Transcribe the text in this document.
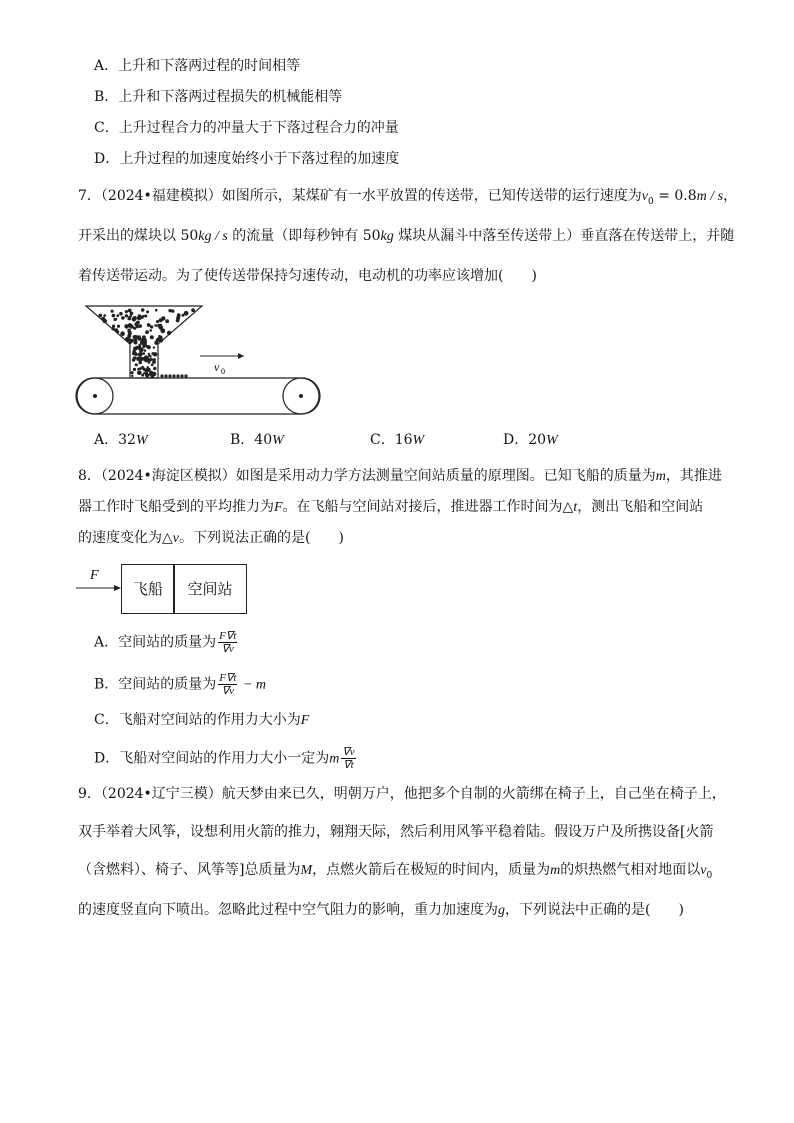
A．上升和下落两过程的时间相等
B．上升和下落两过程损失的机械能相等
C．上升过程合力的冲量大于下落过程合力的冲量
D．上升过程的加速度始终小于下落过程的加速度
7．（2024•福建模拟）如图所示，某煤矿有一水平放置的传送带，已知传送带的运行速度为$v_0 = 0.8m / s$，
开采出的煤块以 50kg / s 的流量（即每秒钟有 50kg 煤块从漏斗中落至传送带上）垂直落在传送带上，并随
着传送带运动。为了使传送带保持匀速传动，电动机的功率应该增加(　　)
v 0
A．32W	B．40W	C．16W	D．20W
8．（2024•海淀区模拟）如图是采用动力学方法测量空间站质量的原理图。已知飞船的质量为m，其推进
器工作时飞船受到的平均推力为F。在飞船与空间站对接后，推进器工作时间为△t，测出飞船和空间站
的速度变化为△v。下列说法正确的是(　　)
F
飞船	空间站
A．空间站的质量为 $\frac{F\nabla t}{\nabla v}$
B．空间站的质量为 $\frac{F\nabla t}{\nabla v} - m$
C．飞船对空间站的作用力大小为F
D．飞船对空间站的作用力大小一定为m $\frac{\nabla v}{\nabla t}$
9．（2024•辽宁三模）航天梦由来已久，明朝万户，他把多个自制的火箭绑在椅子上，自己坐在椅子上，
双手举着大风筝，设想利用火箭的推力，翱翔天际，然后利用风筝平稳着陆。假设万户及所携设备[火箭
（含燃料）、椅子、风筝等]总质量为M，点燃火箭后在极短的时间内，质量为m的炽热燃气相对地面以$v_0$
的速度竖直向下喷出。忽略此过程中空气阻力的影响，重力加速度为g，下列说法中正确的是(　　)
